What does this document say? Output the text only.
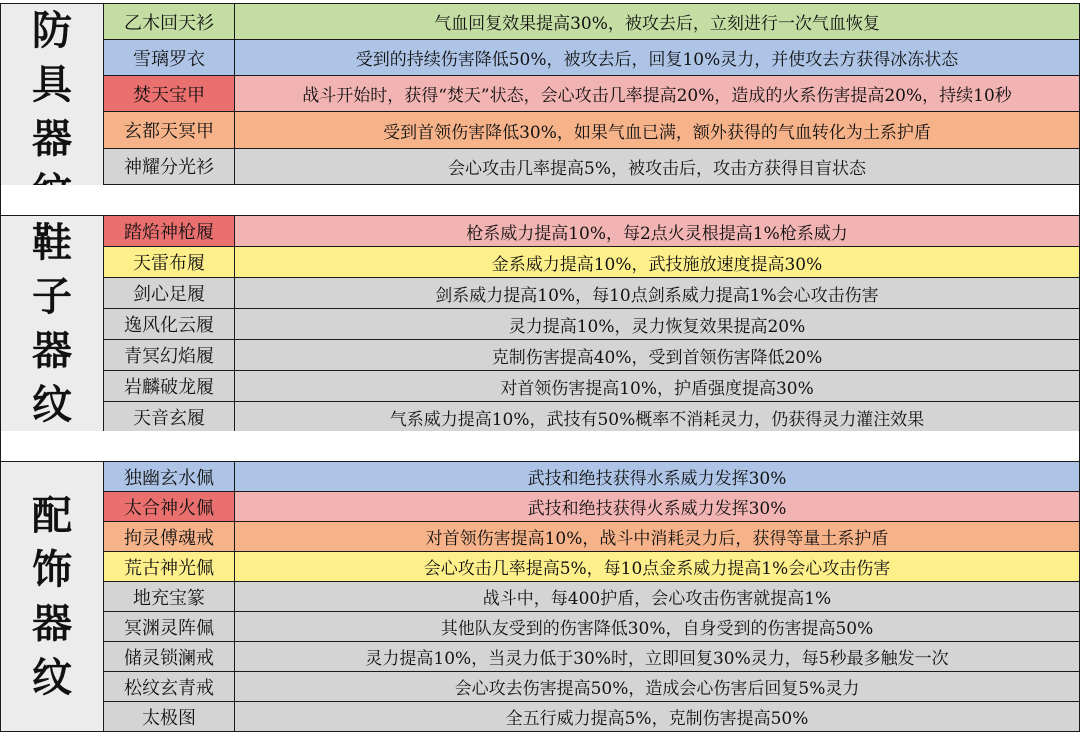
防
具
器	乙木回天衫	气血回复效果提高30%，被攻去后，立刻进行一次气血恢复
	雪璃罗衣	受到的持续伤害降低50%，被攻去后，回复10%灵力，并使攻去方获得冰冻状态
	焚天宝甲	战斗开始时，获得“焚天”状态，会心攻击几率提高20%，造成的火系伤害提高20%，持续10秒
	玄都天冥甲	受到首领伤害降低30%，如果气血已满，额外获得的气血转化为土系护盾
	神耀分光衫	会心攻击几率提高5%，被攻击后，攻击方获得目盲状态

鞋
子
器
纹	踏焰神枪履	枪系威力提高10%，每2点火灵根提高1%枪系威力
	天雷布履	金系威力提高10%，武技施放速度提高30%
	剑心足履	剑系威力提高10%，每10点剑系威力提高1%会心攻击伤害
	逸风化云履	灵力提高10%，灵力恢复效果提高20%
	青冥幻焰履	克制伤害提高40%，受到首领伤害降低20%
	岩麟破龙履	对首领伤害提高10%，护盾强度提高30%
	天音玄履	气系威力提高10%，武技有50%概率不消耗灵力，仍获得灵力灌注效果
配
饰
器
纹	独幽玄水佩	武技和绝技获得水系威力发挥30%
	太合神火佩	武技和绝技获得火系威力发挥30%
	拘灵傅魂戒	对首领伤害提高10%，战斗中消耗灵力后，获得等量土系护盾
	荒古神光佩	会心攻击几率提高5%，每10点金系威力提高1%会心攻击伤害
	地充宝篆	战斗中，每400护盾，会心攻击伤害就提高1%
	冥渊灵阵佩	其他队友受到的伤害降低30%，自身受到的伤害提高50%
	储灵锁澜戒	灵力提高10%，当灵力低于30%时，立即回复30%灵力，每5秒最多触发一次
	松纹玄青戒	会心攻去伤害提高50%，造成会心伤害后回复5%灵力
	太极图	全五行威力提高5%，克制伤害提高50%
